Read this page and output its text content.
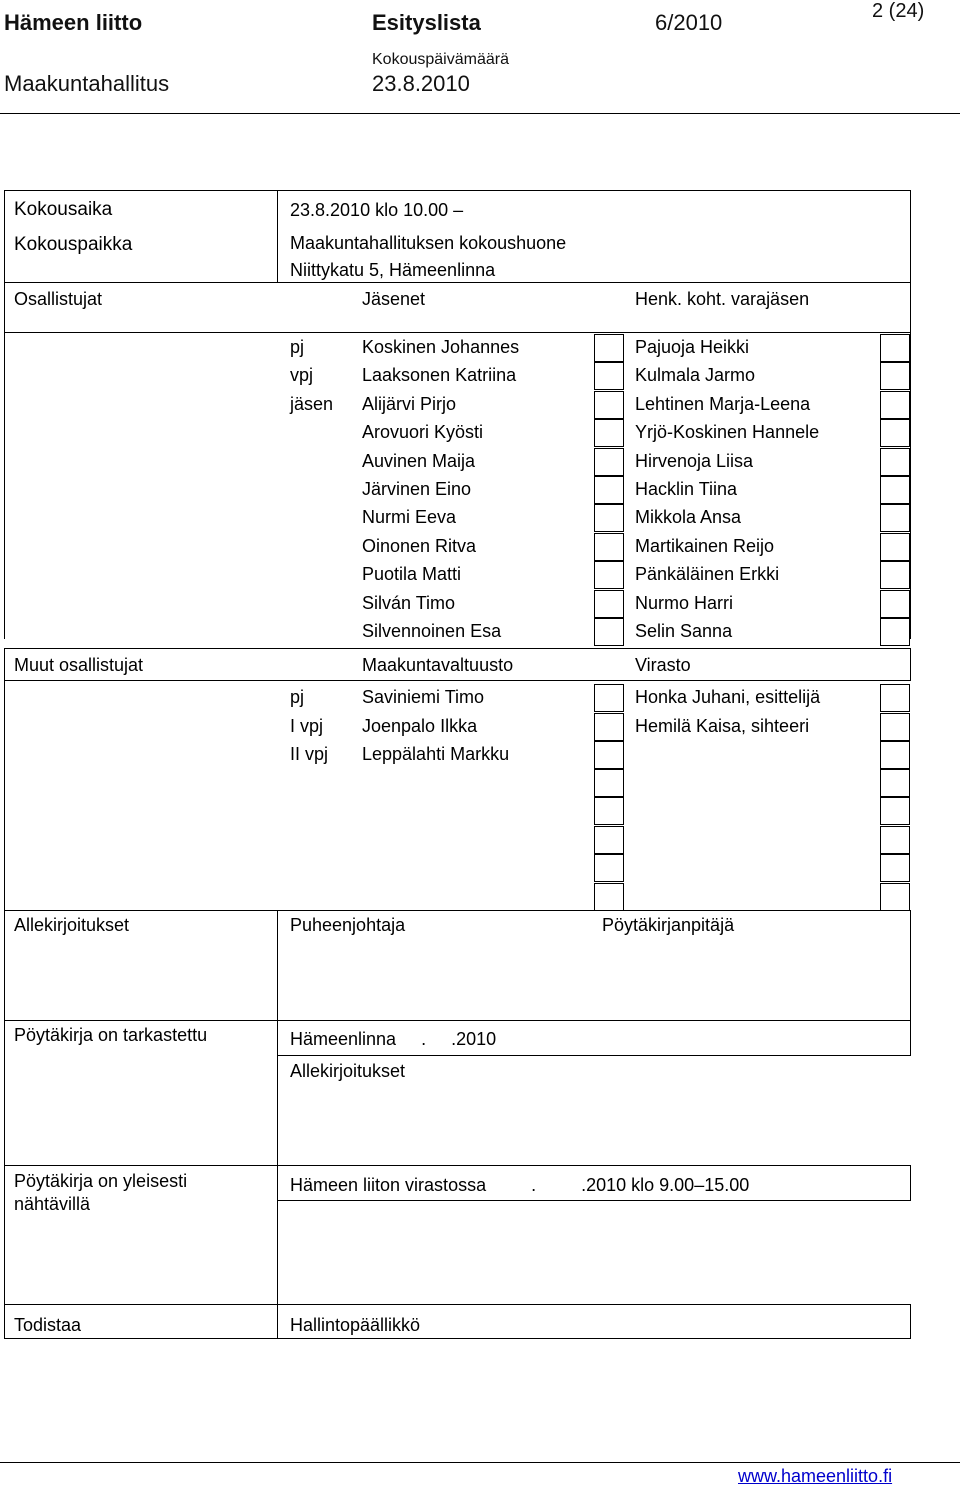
Hämeen liitto	Esityslista	6/2010	2 (24)
Kokouspäivämäärä
Maakuntahallitus	23.8.2010
Kokousaika	23.8.2010 klo 10.00 –
Kokouspaikka	Maakuntahallituksen kokoushuone
Niittykatu 5, Hämeenlinna
Osallistujat	Jäsenet	Henk. koht. varajäsen
pj	Koskinen Johannes	Pajuoja Heikki
vpj	Laaksonen Katriina	Kulmala Jarmo
jäsen Alijärvi Pirjo	Lehtinen Marja-Leena
Arovuori Kyösti	Yrjö-Koskinen Hannele
Auvinen Maija	Hirvenoja Liisa
Järvinen Eino	Hacklin Tiina
Nurmi Eeva	Mikkola Ansa
Oinonen Ritva	Martikainen Reijo
Puotila Matti	Pänkäläinen Erkki
Silván Timo	Nurmo Harri
Silvennoinen Esa	Selin Sanna
Muut osallistujat	Maakuntavaltuusto	Virasto
pj	Saviniemi Timo	Honka Juhani, esittelijä
I vpj Joenpalo Ilkka	Hemilä Kaisa, sihteeri
II vpj Leppälahti Markku
Allekirjoitukset	Puheenjohtaja	Pöytäkirjanpitäjä
Pöytäkirja on tarkastettu	Hämeenlinna     .     .2010
Allekirjoitukset
Pöytäkirja on yleisesti
nähtävillä
Hämeen liiton virastossa         .         .2010 klo 9.00–15.00
Todistaa	Hallintopäällikkö
www.hameenliitto.fi
